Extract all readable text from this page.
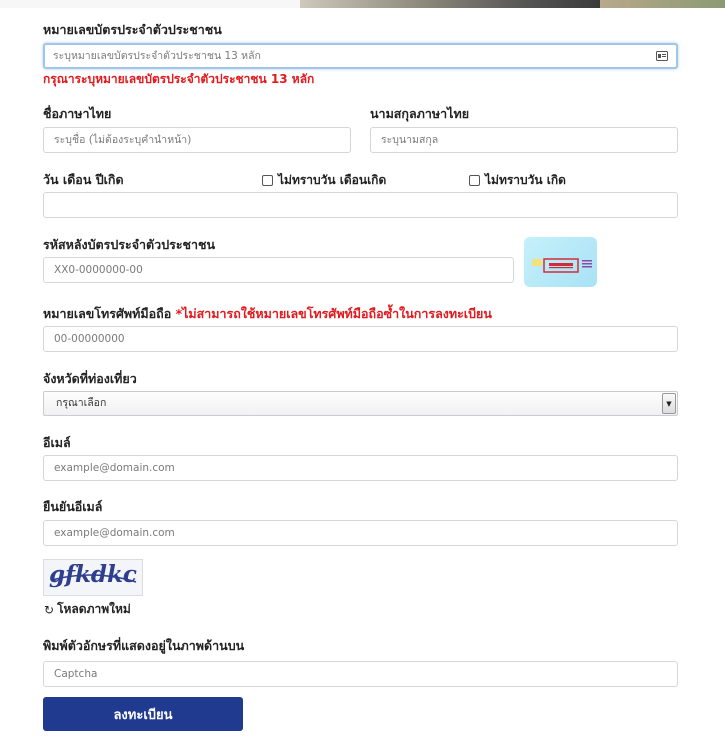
หมายเลขบัตรประจำตัวประชาชน
ระบุหมายเลขบัตรประจำตัวประชาชน 13 หลัก
กรุณาระบุหมายเลขบัตรประจำตัวประชาชน 13 หลัก
ชื่อภาษาไทย
ระบุชื่อ (ไม่ต้องระบุคำนำหน้า)
นามสกุลภาษาไทย
ระบุนามสกุล
วัน เดือน ปีเกิด	ไม่ทราบวัน เดือนเกิด	ไม่ทราบวัน เกิด
รหัสหลังบัตรประจำตัวประชาชน
XX0-0000000-00
หมายเลขโทรศัพท์มือถือ *ไม่สามารถใช้หมายเลขโทรศัพท์มือถือซ้ำในการลงทะเบียน
00-00000000
จังหวัดที่ท่องเที่ยว
กรุณาเลือก	▼
อีเมล์
example@domain.com
ยืนยันอีเมล์
example@domain.com
gfkdkc
↻ โหลดภาพใหม่
พิมพ์ตัวอักษรที่แสดงอยู่ในภาพด้านบน
Captcha
ลงทะเบียน
